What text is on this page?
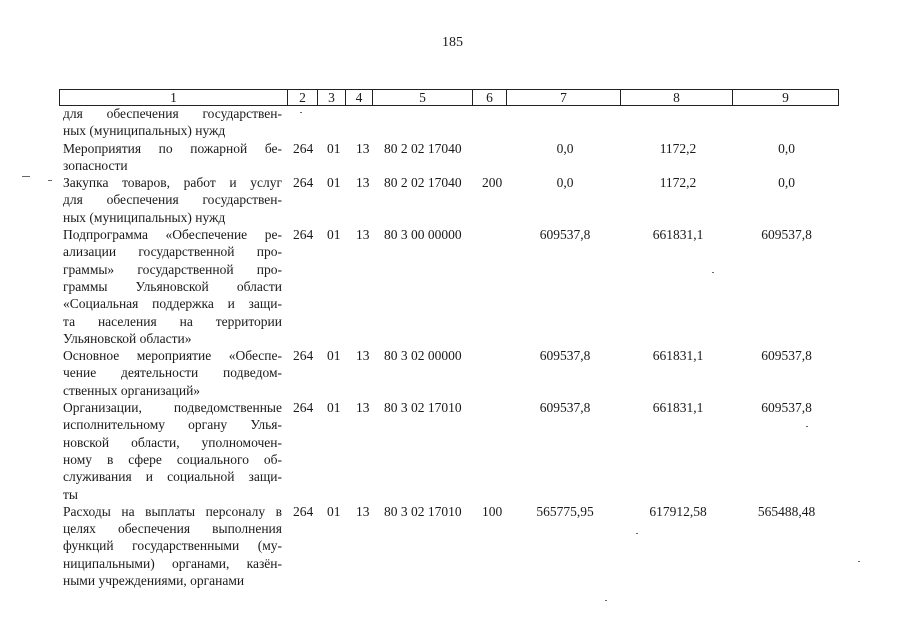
185
1	2	3	4	5	6	7	8	9
для обеспечения государствен-
ных (муниципальных) нужд
Мероприятия по пожарной бе-
зопасности
264 01 13 80 2 02 17040	0,0	1172,2	0,0
Закупка товаров, работ и услуг
для обеспечения государствен-
ных (муниципальных) нужд
264 01 13 80 2 02 17040 200	0,0	1172,2	0,0
Подпрограмма «Обеспечение ре-
ализации государственной про-
граммы» государственной про-
граммы Ульяновской области
«Социальная поддержка и защи-
та населения на территории
Ульяновской области»
264 01 13 80 3 00 00000	609537,8	661831,1	609537,8
Основное мероприятие «Обеспе-
чение деятельности подведом-
ственных организаций»
264 01 13 80 3 02 00000	609537,8	661831,1	609537,8
Организации, подведомственные
исполнительному органу Улья-
новской области, уполномочен-
ному в сфере социального об-
служивания и социальной защи-
ты
264 01 13 80 3 02 17010	609537,8	661831,1	609537,8
Расходы на выплаты персоналу в
целях обеспечения выполнения
функций государственными (му-
ниципальными) органами, казён-
ными учреждениями, органами
264 01 13 80 3 02 17010 100	565775,95	617912,58	565488,48
